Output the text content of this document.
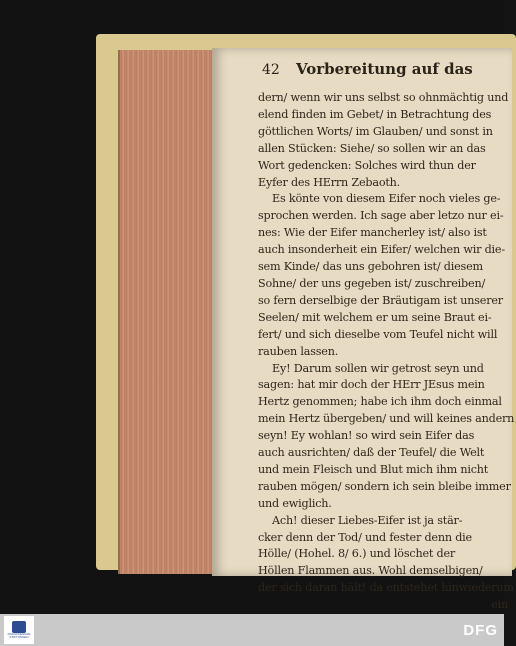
42 Vorbereitung auf das
dern/ wenn wir uns selbst so ohnmächtig und
elend finden im Gebet/ in Betrachtung des
göttlichen Worts/ im Glauben/ und sonst in
allen Stücken: Siehe/ so sollen wir an das
Wort gedencken: Solches wird thun der
Eyfer des HErrn Zebaoth.
Es könte von diesem Eifer noch vieles ge-
sprochen werden. Ich sage aber letzo nur ei-
nes: Wie der Eifer mancherley ist/ also ist
auch insonderheit ein Eifer/ welchen wir die-
sem Kinde/ das uns gebohren ist/ diesem
Sohne/ der uns gegeben ist/ zuschreiben/
so fern derselbige der Bräutigam ist unserer
Seelen/ mit welchem er um seine Braut ei-
fert/ und sich dieselbe vom Teufel nicht will
rauben lassen.
Ey! Darum sollen wir getrost seyn und
sagen: hat mir doch der HErr JEsus mein
Hertz genommen; habe ich ihm doch einmal
mein Hertz übergeben/ und will keines andern
seyn! Ey wohlan! so wird sein Eifer das
auch ausrichten/ daß der Teufel/ die Welt
und mein Fleisch und Blut mich ihm nicht
rauben mögen/ sondern ich sein bleibe immer
und ewiglich.
Ach! dieser Liebes-Eifer ist ja stär-
cker denn der Tod/ und fester denn die
Hölle/ (Hohel. 8/ 6.) und löschet der
Höllen Flammen aus. Wohl demselbigen/
der sich daran hält! da entstehet hinwiederum
ein
FRANCKESCHE STIFTUNGEN	DFG
